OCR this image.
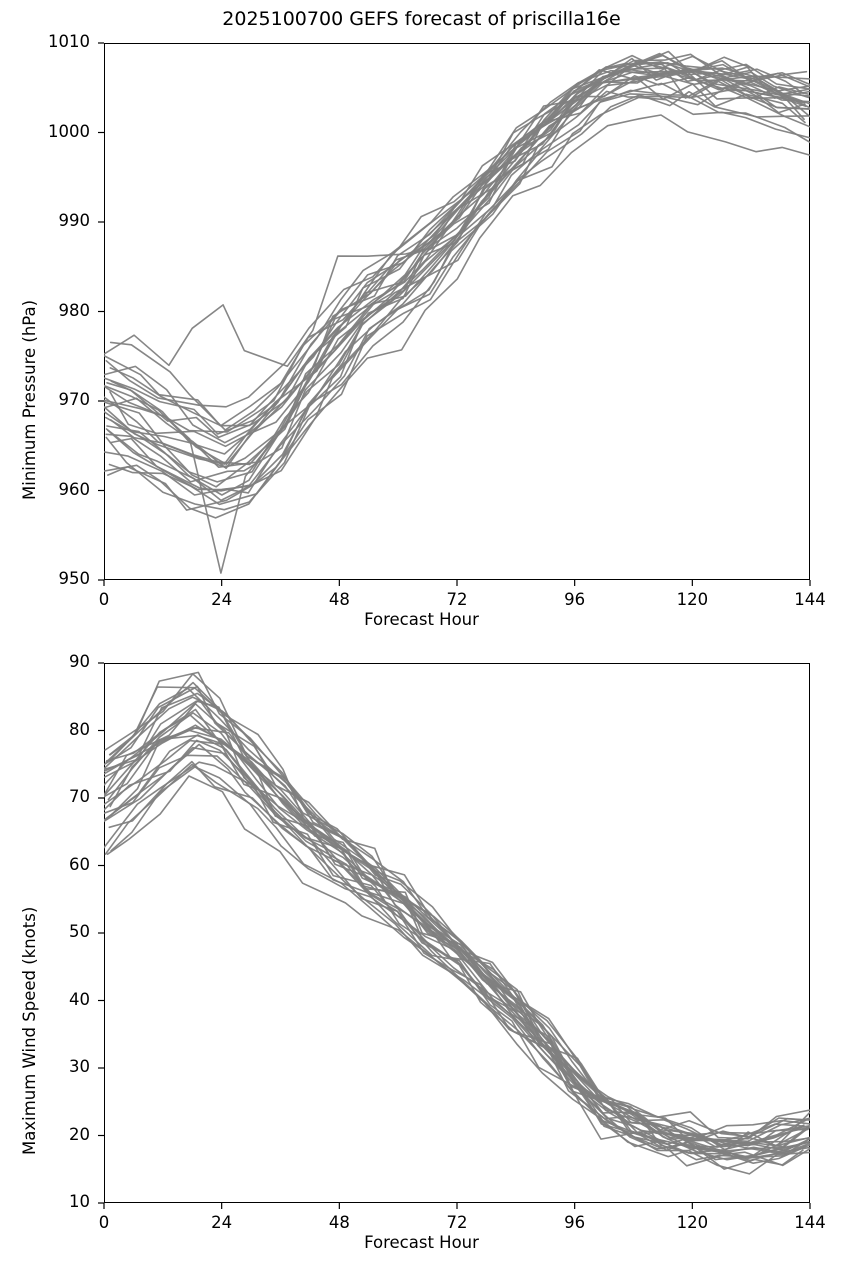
2025100700 GEFS forecast of priscilla16e
Minimum Pressure (hPa)
Forecast Hour
0	24	48	72	96	120	144
950
960
970
980
990
1000
1010
Maximum Wind Speed (knots)
Forecast Hour
0	24	48	72	96	120	144
10
20
30
40
50
60
70
80
90
